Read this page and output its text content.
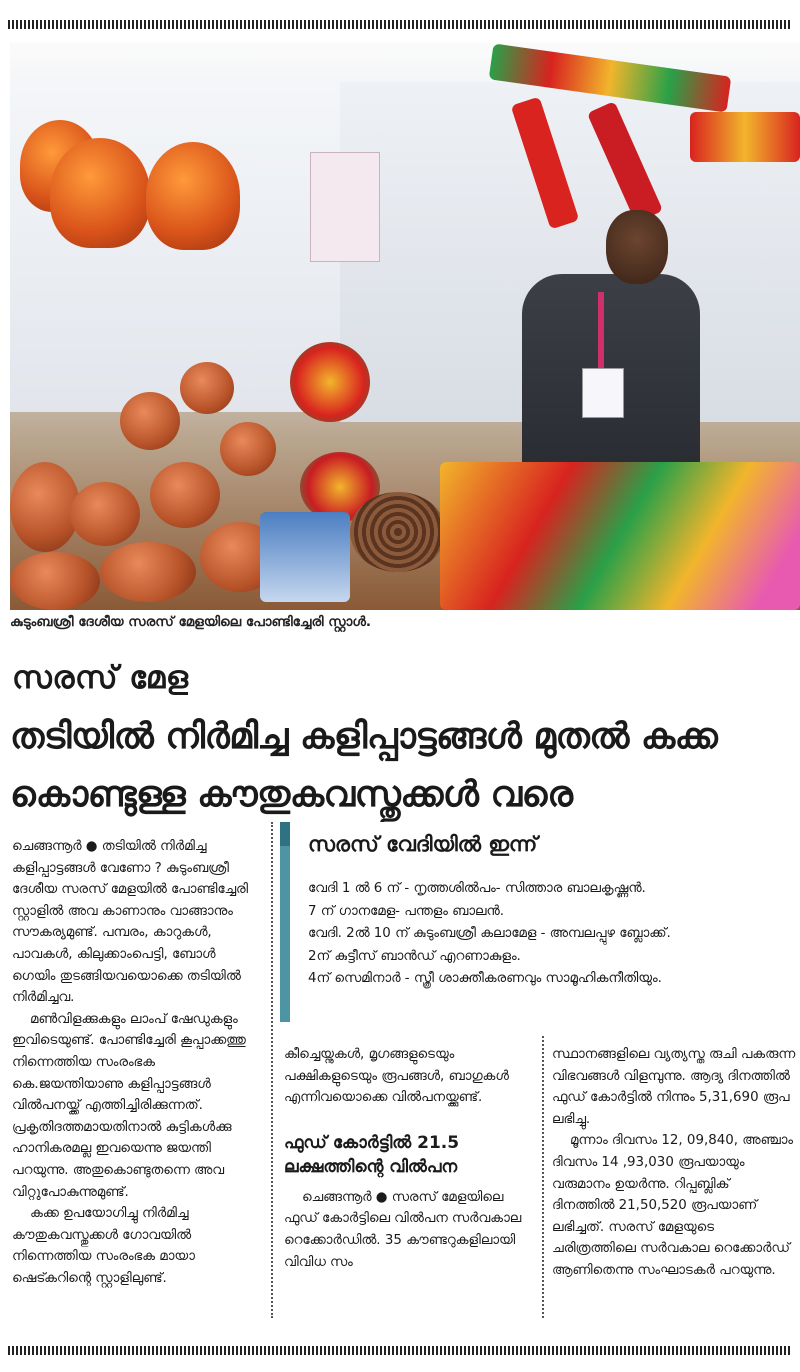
കുടുംബശ്രീ ദേശീയ സരസ് മേളയിലെ പോണ്ടിച്ചേരി സ്റ്റാൾ.
സരസ് മേള
തടിയിൽ നിർമിച്ച കളിപ്പാട്ടങ്ങൾ മുതൽ കക്ക
കൊണ്ടുള്ള കൗതുകവസ്തുക്കൾ വരെ

ചെങ്ങന്നൂർ ● തടിയിൽ നിർമിച്ച കളിപ്പാട്ടങ്ങൾ വേണോ ? കുടുംബശ്രീ ദേശീയ സരസ് മേളയിൽ പോണ്ടിച്ചേരി സ്റ്റാളിൽ അവ കാണാനും വാങ്ങാനും സൗകര്യമുണ്ട്. പമ്പരം, കാറുകൾ, പാവകൾ, കിലുക്കാംപെട്ടി, ബോൾ ഗെയിം തുടങ്ങിയവയൊക്കെ തടിയിൽ നിർമിച്ചവ.

മൺവിളക്കുകളും ലാംപ് ഷേഡുകളും ഇവിടെയുണ്ട്. പോണ്ടിച്ചേരി കൂപ്പാക്കത്തു നിന്നെത്തിയ സംരംഭക കെ.ജയന്തിയാണു കളിപ്പാട്ടങ്ങൾ വിൽപനയ്ക്ക് എത്തിച്ചിരിക്കുന്നത്. പ്രകൃതിദത്തമായതിനാൽ കുട്ടികൾക്കു ഹാനികരമല്ല ഇവയെന്നു ജയന്തി പറയുന്നു. അതുകൊണ്ടുതന്നെ അവ വിറ്റുപോകുന്നുമുണ്ട്.

കക്ക ഉപയോഗിച്ചു നിർമിച്ച കൗതുകവസ്തുക്കൾ ഗോവയിൽ നിന്നെത്തിയ സംരംഭക മായാ ഷെട്കറിന്റെ സ്റ്റാളിലുണ്ട്.

സരസ് വേദിയിൽ ഇന്ന്
വേദി 1 ൽ 6 ന് - നൃത്തശിൽപം- സിത്താര ബാലകൃഷ്ണൻ.
7 ന് ഗാനമേള- പന്തളം ബാലൻ.
വേദി. 2ൽ 10 ന് കുടുംബശ്രീ കലാമേള - അമ്പലപ്പുഴ ബ്ലോക്ക്.
2ന് കുട്ടീസ് ബാൻഡ് എറണാകുളം.
4ന് സെമിനാർ - സ്ത്രീ ശാക്തീകരണവും സാമൂഹികനീതിയും.

കീച്ചെയ്നുകൾ, മൃഗങ്ങളുടെയും പക്ഷികളുടെയും രൂപങ്ങൾ, ബാഗുകൾ എന്നിവയൊക്കെ വിൽപനയ്ക്കുണ്ട്.

ഫുഡ് കോർട്ടിൽ 21.5 ലക്ഷത്തിന്റെ വിൽപന

ചെങ്ങന്നൂർ ● സരസ് മേളയിലെ ഫുഡ് കോർട്ടിലെ വിൽപന സർവകാല റെക്കോർഡിൽ. 35 കൗണ്ടറുകളിലായി വിവിധ സം

സ്ഥാനങ്ങളിലെ വ്യത്യസ്ത രുചി പകരുന്ന വിഭവങ്ങൾ വിളമ്പുന്നു. ആദ്യ ദിനത്തിൽ ഫുഡ് കോർട്ടിൽ നിന്നും 5,31,690 രൂപ ലഭിച്ചു.

മൂന്നാം ദിവസം 12, 09,840, അഞ്ചാം ദിവസം 14 ,93,030 രൂപയായും വരുമാനം ഉയർന്നു. റിപ്പബ്ലിക് ദിനത്തിൽ 21,50,520 രൂപയാണ് ലഭിച്ചത്. സരസ് മേളയുടെ ചരിത്രത്തിലെ സർവകാല റെക്കോർഡ് ആണിതെന്നു സംഘാടകർ പറയുന്നു.
